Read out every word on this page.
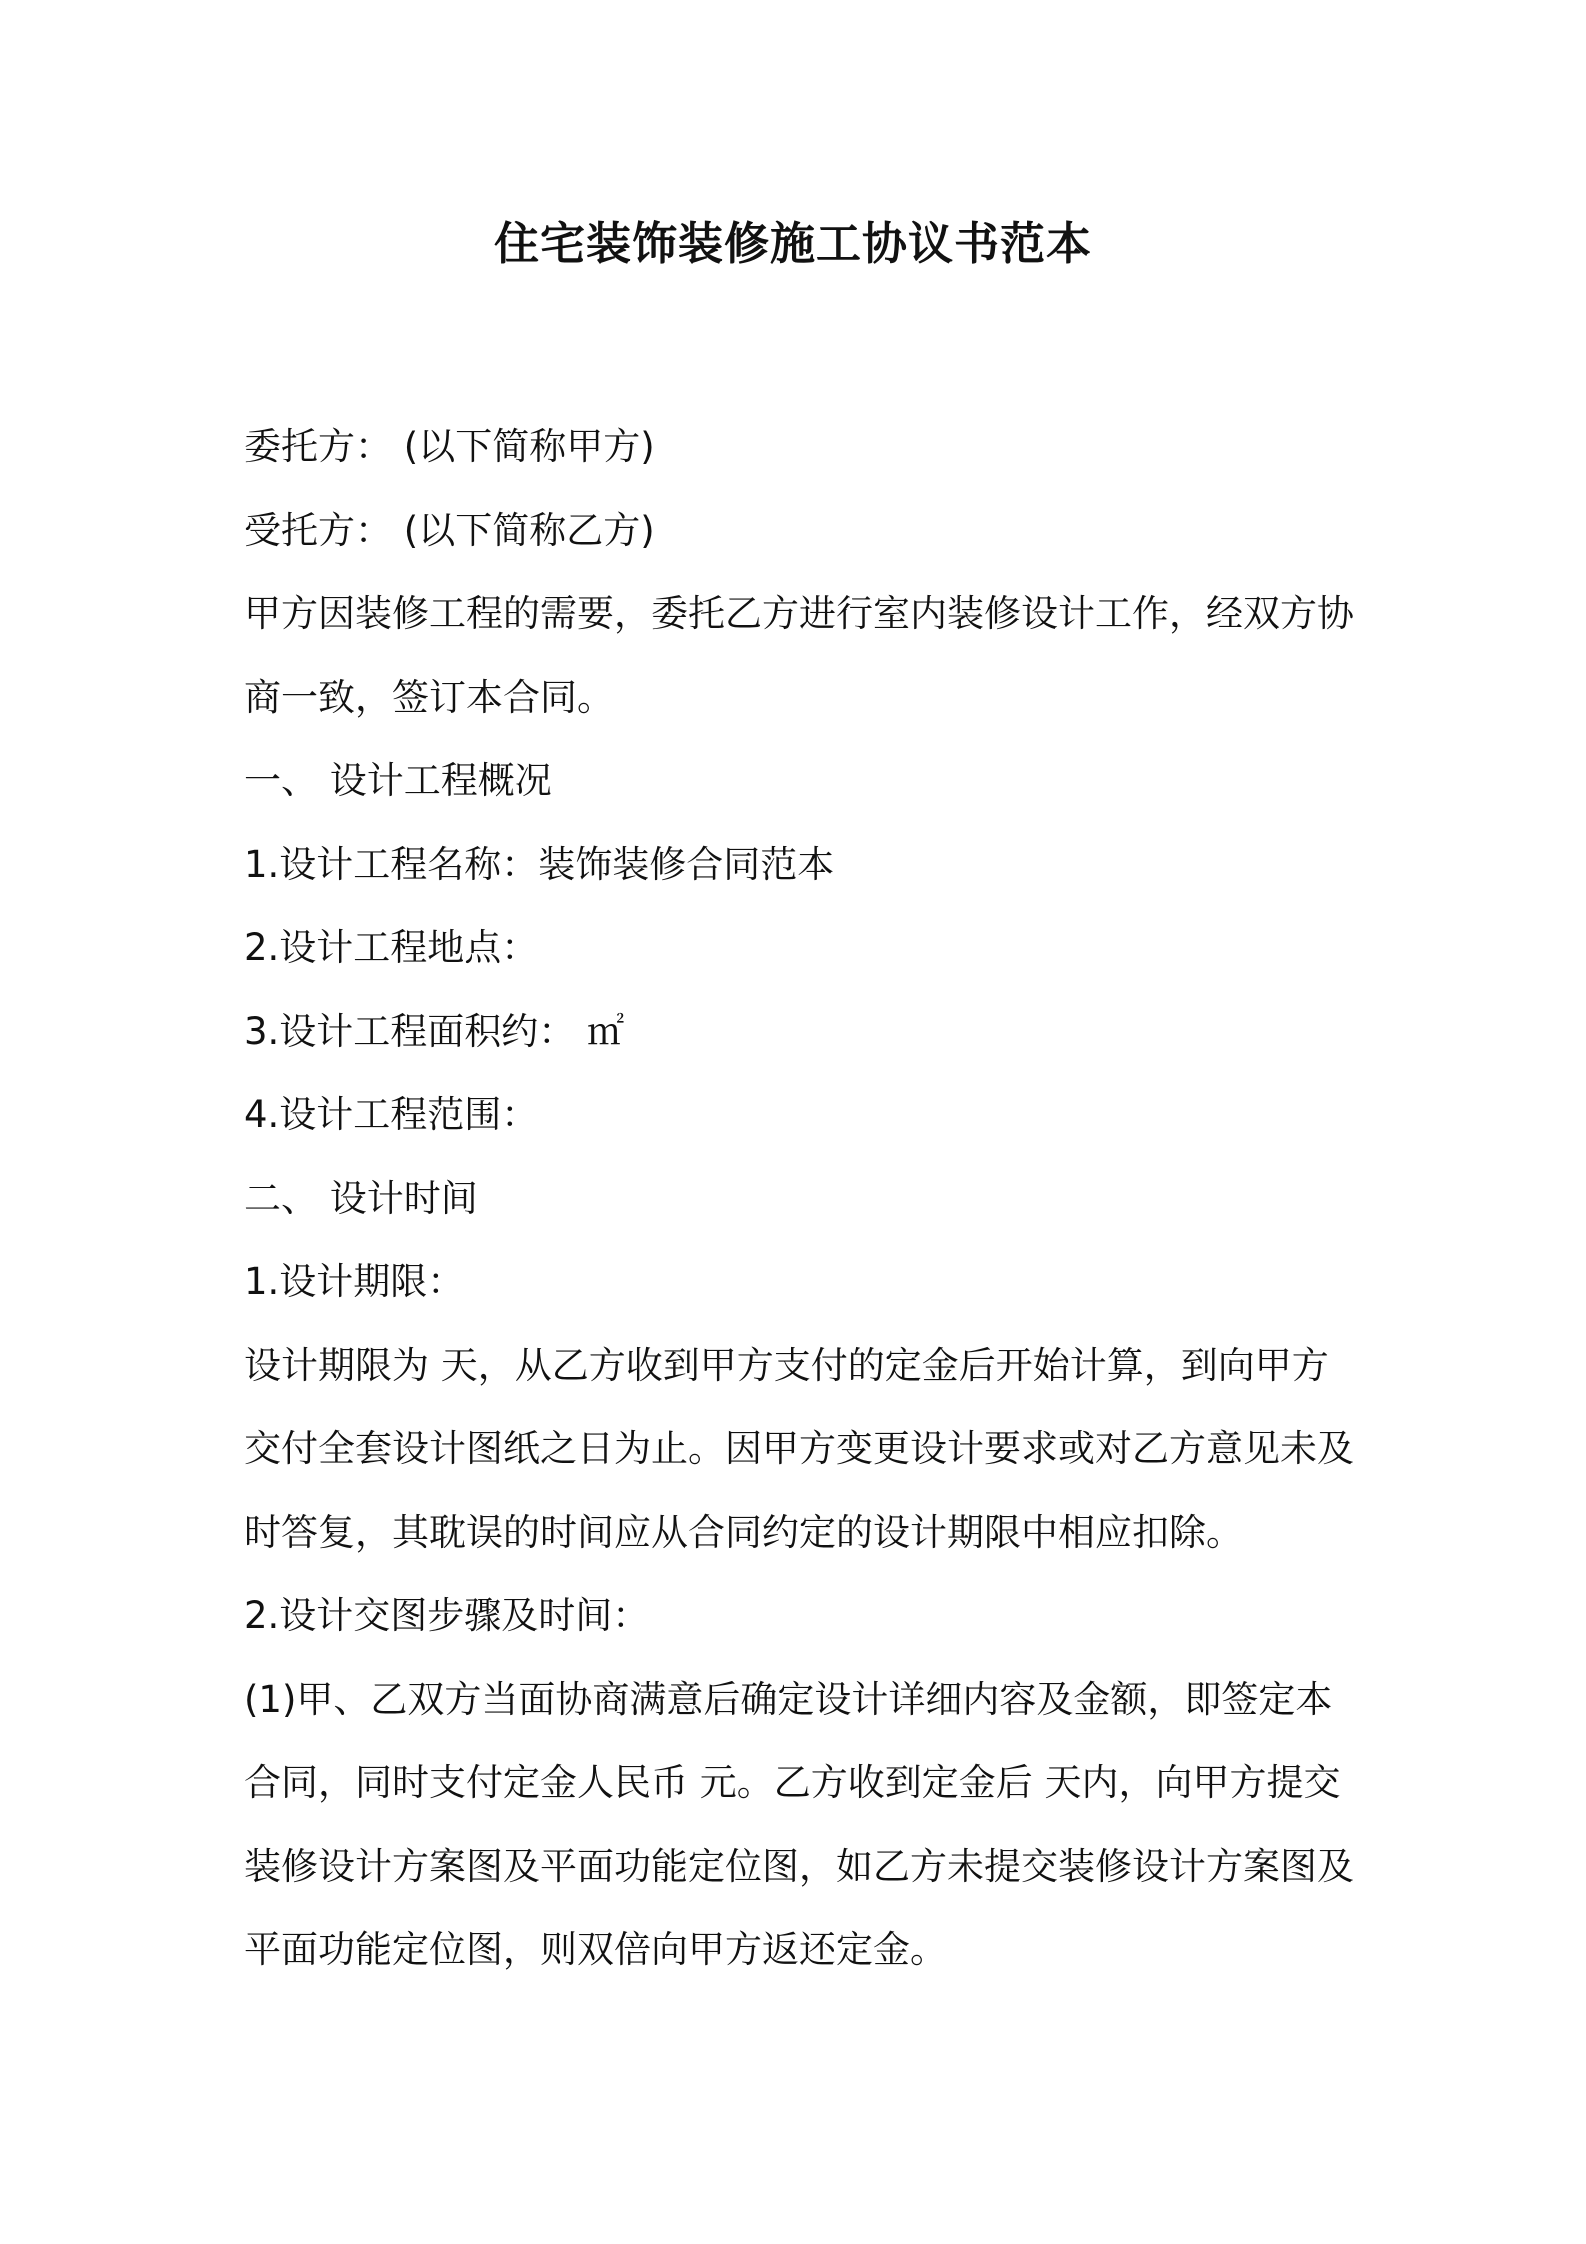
住宅装饰装修施工协议书范本
委托方： (以下简称甲方)
受托方： (以下简称乙方)
甲方因装修工程的需要，委托乙方进行室内装修设计工作，经双方协
商一致，签订本合同。
一、 设计工程概况
1.设计工程名称：装饰装修合同范本
2.设计工程地点：
3.设计工程面积约： ㎡
4.设计工程范围：
二、 设计时间
1.设计期限：
设计期限为 天，从乙方收到甲方支付的定金后开始计算，到向甲方
交付全套设计图纸之日为止。因甲方变更设计要求或对乙方意见未及
时答复，其耽误的时间应从合同约定的设计期限中相应扣除。
2.设计交图步骤及时间：
(1)甲、乙双方当面协商满意后确定设计详细内容及金额，即签定本
合同，同时支付定金人民币 元。乙方收到定金后 天内，向甲方提交
装修设计方案图及平面功能定位图，如乙方未提交装修设计方案图及
平面功能定位图，则双倍向甲方返还定金。
